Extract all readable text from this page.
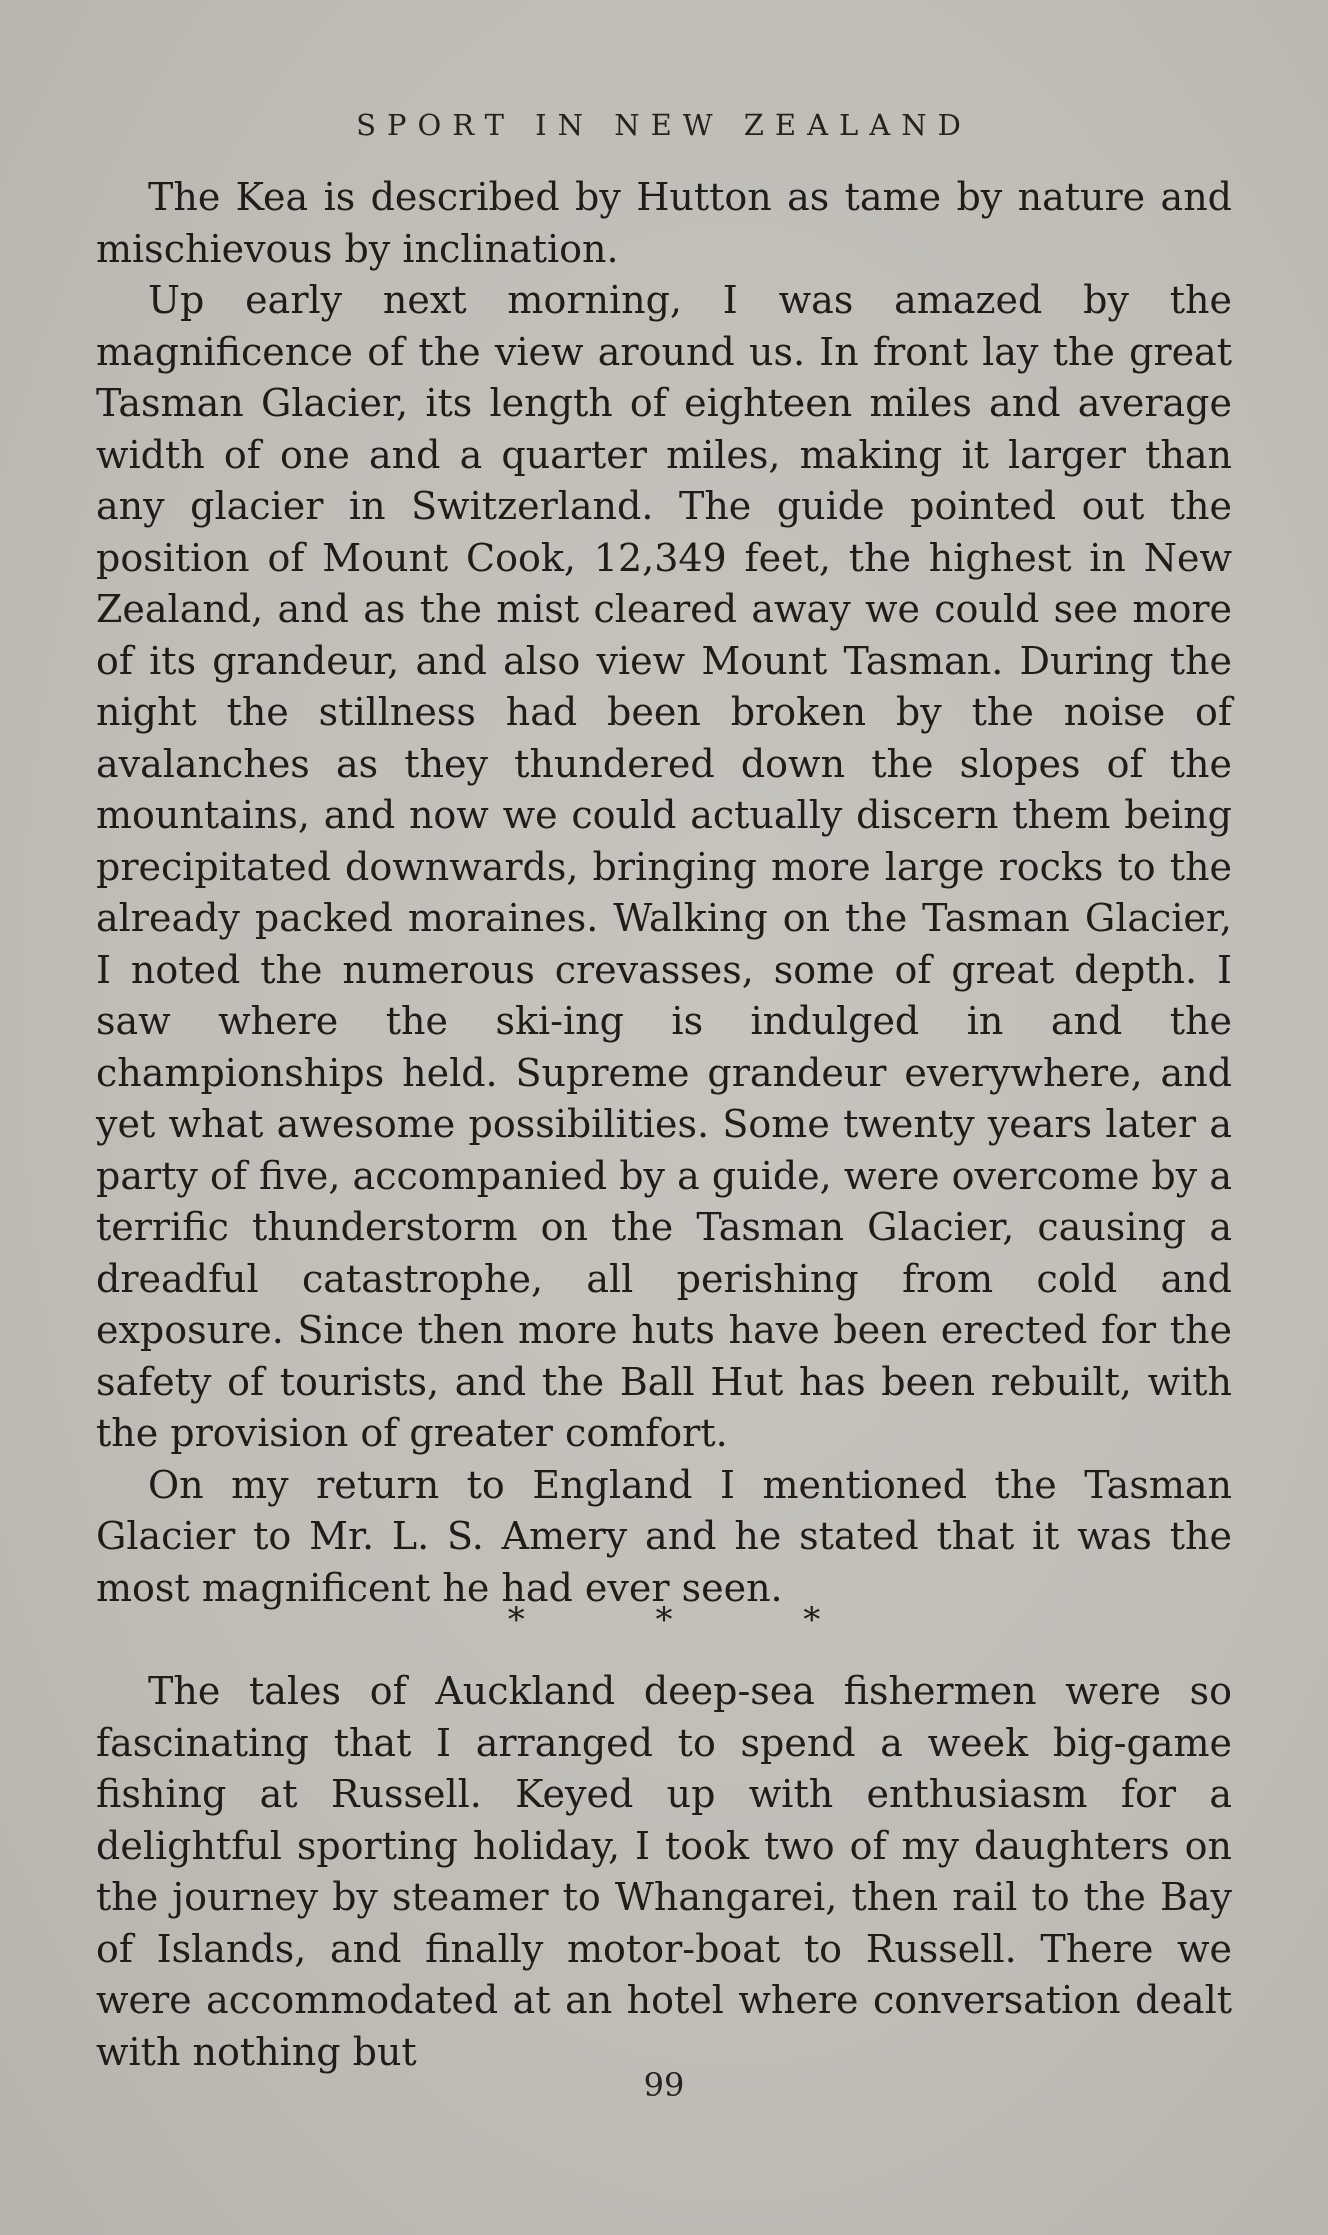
SPORT IN NEW ZEALAND

The Kea is described by Hutton as tame by nature and mischievous by inclination.

Up early next morning, I was amazed by the magnificence of the view around us. In front lay the great Tasman Glacier, its length of eighteen miles and average width of one and a quarter miles, making it larger than any glacier in Switzerland. The guide pointed out the position of Mount Cook, 12,349 feet, the highest in New Zealand, and as the mist cleared away we could see more of its grandeur, and also view Mount Tasman. During the night the stillness had been broken by the noise of avalanches as they thundered down the slopes of the mountains, and now we could actually discern them being precipitated downwards, bringing more large rocks to the already packed moraines. Walking on the Tasman Glacier, I noted the numerous crevasses, some of great depth. I saw where the ski-ing is indulged in and the championships held. Supreme grandeur everywhere, and yet what awesome possibilities. Some twenty years later a party of five, accompanied by a guide, were overcome by a terrific thunderstorm on the Tasman Glacier, causing a dreadful catastrophe, all perishing from cold and exposure. Since then more huts have been erected for the safety of tourists, and the Ball Hut has been rebuilt, with the provision of greater comfort.

On my return to England I mentioned the Tasman Glacier to Mr. L. S. Amery and he stated that it was the most magnificent he had ever seen.

* * *

The tales of Auckland deep-sea fishermen were so fascinating that I arranged to spend a week big-game fishing at Russell. Keyed up with enthusiasm for a delightful sporting holiday, I took two of my daughters on the journey by steamer to Whangarei, then rail to the Bay of Islands, and finally motor-boat to Russell. There we were accommodated at an hotel where conversation dealt with nothing but

99
